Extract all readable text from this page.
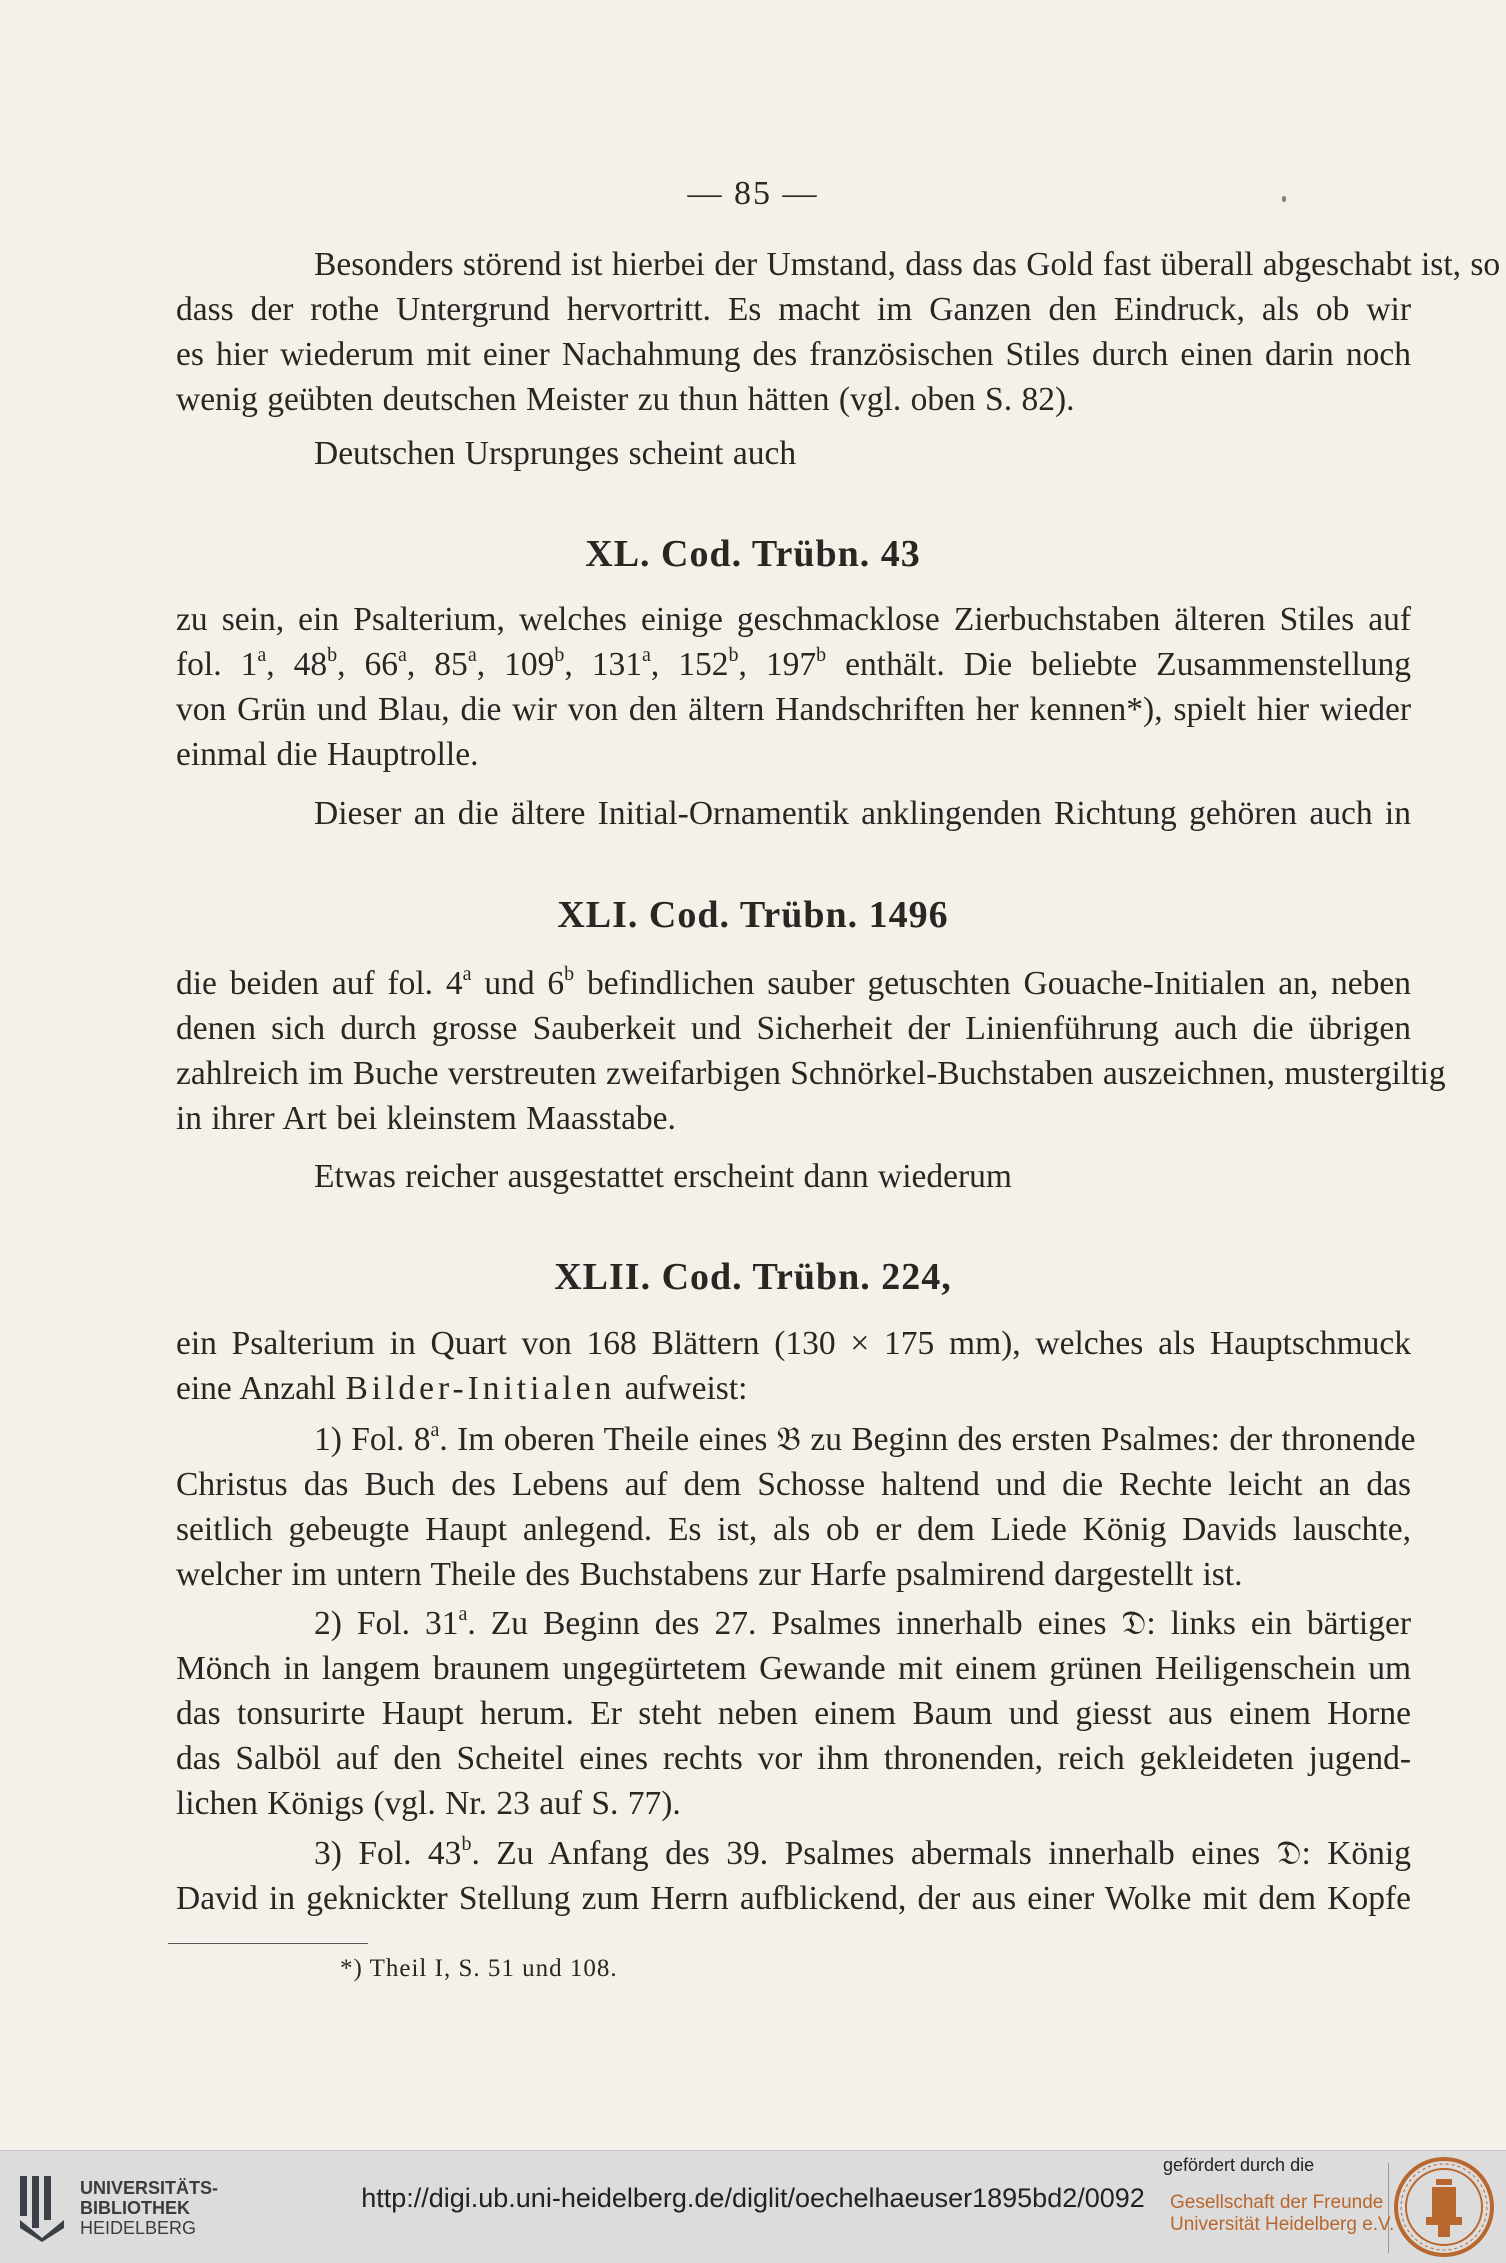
— 85 —
Besonders störend ist hierbei der Umstand, dass das Gold fast überall abgeschabt ist, so
dass der rothe Untergrund hervortritt. Es macht im Ganzen den Eindruck, als ob wir
es hier wiederum mit einer Nachahmung des französischen Stiles durch einen darin noch
wenig geübten deutschen Meister zu thun hätten (vgl. oben S. 82).
Deutschen Ursprunges scheint auch
XL. Cod. Trübn. 43
zu sein, ein Psalterium, welches einige geschmacklose Zierbuchstaben älteren Stiles auf
fol. 1$^a$, 48$^b$, 66$^a$, 85$^a$, 109$^b$, 131$^a$, 152$^b$, 197$^b$ enthält. Die beliebte Zusammenstellung
von Grün und Blau, die wir von den ältern Handschriften her kennen*), spielt hier wieder
einmal die Hauptrolle.
Dieser an die ältere Initial-Ornamentik anklingenden Richtung gehören auch in
XLI. Cod. Trübn. 1496
die beiden auf fol. 4$^a$ und 6$^b$ befindlichen sauber getuschten Gouache-Initialen an, neben
denen sich durch grosse Sauberkeit und Sicherheit der Linienführung auch die übrigen
zahlreich im Buche verstreuten zweifarbigen Schnörkel-Buchstaben auszeichnen, mustergiltig
in ihrer Art bei kleinstem Maasstabe.
Etwas reicher ausgestattet erscheint dann wiederum
XLII. Cod. Trübn. 224,
ein Psalterium in Quart von 168 Blättern (130 × 175 mm), welches als Hauptschmuck
eine Anzahl Bilder-Initialen aufweist:
1) Fol. 8$^a$. Im oberen Theile eines 𝔅 zu Beginn des ersten Psalmes: der thronende
Christus das Buch des Lebens auf dem Schosse haltend und die Rechte leicht an das
seitlich gebeugte Haupt anlegend. Es ist, als ob er dem Liede König Davids lauschte,
welcher im untern Theile des Buchstabens zur Harfe psalmirend dargestellt ist.
2) Fol. 31$^a$. Zu Beginn des 27. Psalmes innerhalb eines 𝔇: links ein bärtiger
Mönch in langem braunem ungegürtetem Gewande mit einem grünen Heiligenschein um
das tonsurirte Haupt herum. Er steht neben einem Baum und giesst aus einem Horne
das Salböl auf den Scheitel eines rechts vor ihm thronenden, reich gekleideten jugend-
lichen Königs (vgl. Nr. 23 auf S. 77).
3) Fol. 43$^b$. Zu Anfang des 39. Psalmes abermals innerhalb eines 𝔇: König
David in geknickter Stellung zum Herrn aufblickend, der aus einer Wolke mit dem Kopfe
*) Theil I, S. 51 und 108.
UNIVERSITÄTS-
BIBLIOTHEK
HEIDELBERG
http://digi.ub.uni-heidelberg.de/diglit/oechelhaeuser1895bd2/0092
gefördert durch die
Gesellschaft der Freunde
Universität Heidelberg e.V.
